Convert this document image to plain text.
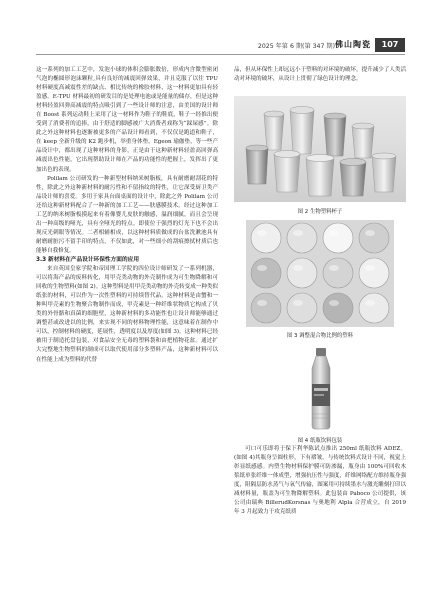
2025 年第 6 期(第 347 期) 佛山陶瓷	107

这一系列的加工工艺中，发泡小球的体积会膨胀数倍，形成内含微型密闭气泡的椭圆形泡沫颗粒,具有良好的减震回弹效果，并且克服了以往 TPU 材料硬度高减震性差的缺点、相比传统的橡胶材料，这一材料更加具有轻盈感。E-TPU 材料最初的研发目的是处理电池或是能量的储存，但是这种材料轻盈回弹高减震的特点吸引到了一些设计师的注意，由美国的设计师在 Boost 系列运动鞋上采用了这一材料作为鞋子的鞋底，鞋子一经推出便受到了消费者的追捧，由于舒适的脚感被广大消费者戏称为“踩屎感”。除此之外这种材料也逐渐被更多的产品设计师看到，不仅仅是跑道和鞋子，在 keep 全新升级的 K2 跑步机，举重身体垫，Egeon 瑜伽垫，等一些产品设计中，都出现了这种材料的身影，正是由于这种新材料轻盈高回弹高减震出色性能，它出现帮助设计师在产品的功能性的把握上，发挥出了更加出色的表现。

Polilam 公司研发的一种新型材料纳米树脂板，具有耐磨耐刮花的特性，除此之外这种新材料的耐污性和不留指纹的特性，让它深受厨卫类产品设计师的喜爱。多用于家具台面桌面的设计中，除此之外 Polilam 公司还给这种新材料配合了一种新的加工工艺——肤感膜技术。经过这种加工工艺的纳米树脂板摸起来有着像婴儿皮肤的触感，温润细腻，而且会呈现出一种高级的哑光，具有全哑光的特点。即使位于强烈的灯光下也不会出现反光刺眼等情况。二者相辅相成，以这种材料质做成的台盆洗漱池具有耐磨耐脏污不留手印的特点，不仅如此，对一些细小的刮痕擦拭材质后也能够自我修复。

3.3 新材料在产品设计环保性方面的应用

来自英国皇家学院和帝国理工学院的四位设计师研发了一系列机器，可以将海产品的废料转化，用甲壳类动物的外壳制作成为可生物降解和可回收的生物塑料(如图 2)。这种塑料是用甲壳类动物的外壳转变成一种类似纸张的材料，可以作为一次性塑料的可持续替代品。这种材料是由蟹和一种叫甲壳素的生物聚合物制作而成，甲壳素是一种纤维状物质它构成了贝类的外骨骼和真菌的细胞壁，这种新材料的多功能性也让设计师能够通过调整甚或改进以的比例，来实现不同的材料物理性能，这意味着在制作中可以，控制材料的硬度，延展性，透明度以及厚度(如图 3)。这种材料已经被用于制造托盘包装，对食品安全无毒的塑料袋和由把植物花盆。通过扩大完整地生物塑料的制成可以取代使用部分多塑料产品，这种新材料可以在性能上成为塑料的代替

品，但从环保性上却远远小于塑料的对环境的破坏，提升减少了人类活动对环境的破坏，从设计上贯彻了绿色设计的理念。

图 2 生物塑料杯子
图 3 调整混合物比例的塑料
图 4 纸瓶饮料包装

可口可乐即将于保下利华陈试点推出 250ml 纸瓶饮料 ADEZ。(如图 4)其瓶身呈圆柱形，下有褶皱，与传统饮料式设计不同，视觉上彰显纸感感。内塑生物材料保护膜可防渗漏，瓶身由 100%可回收木浆纸单张纤维一体成型，增强抗压性与强度，纤维网络配方维持瓶身强度，阻隔层防水蒸气与氧气传输，图案用可持续墨水与激光雕刻打印以减材料量，瓶盖为可生物降解塑料。此包装由 Paboco 公司提供，该公司由瑞典 BillerudKorsnas 与奥地利 Alpla 合营成立，自 2019 年 3 月起致力于攻克纸质
